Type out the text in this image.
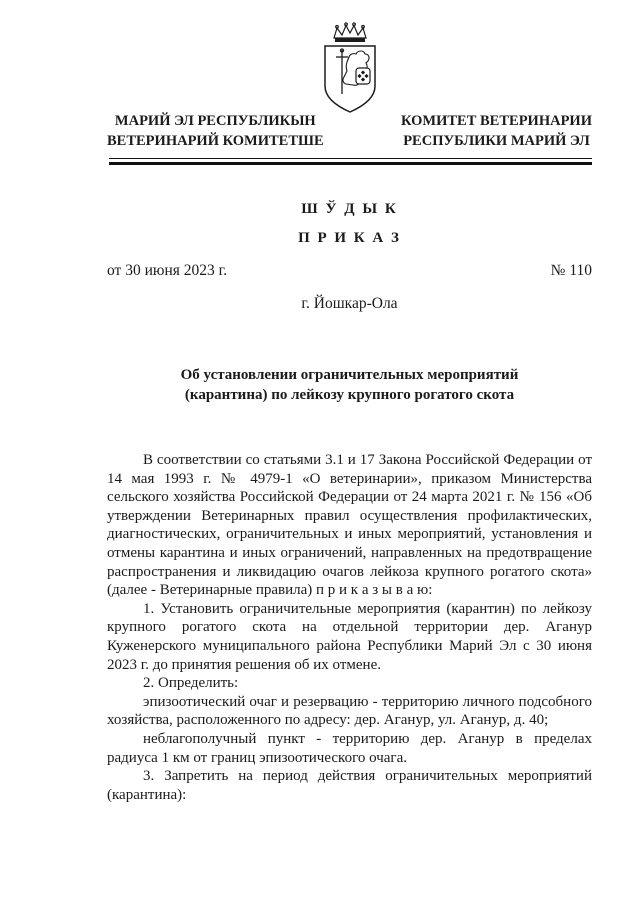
МАРИЙ ЭЛ РЕСПУБЛИКЫН
ВЕТЕРИНАРИЙ КОМИТЕТШЕ
КОМИТЕТ ВЕТЕРИНАРИИ
РЕСПУБЛИКИ МАРИЙ ЭЛ
Ш Ў Д Ы К
П Р И К А З
от 30 июня 2023 г.	№ 110
г. Йошкар-Ола
Об установлении ограничительных мероприятий
(карантина) по лейкозу крупного рогатого скота

В соответствии со статьями 3.1 и 17 Закона Российской Федерации от 14 мая 1993 г. № 4979-1 «О ветеринарии», приказом Министерства сельского хозяйства Российской Федерации от 24 марта 2021 г. № 156 «Об утверждении Ветеринарных правил осуществления профилактических, диагностических, ограничительных и иных мероприятий, установления и отмены карантина и иных ограничений, направленных на предотвращение распространения и ликвидацию очагов лейкоза крупного рогатого скота» (далее - Ветеринарные правила) п р и к а з ы в а ю:

1. Установить ограничительные мероприятия (карантин) по лейкозу крупного рогатого скота на отдельной территории дер. Аганур Куженерского муниципального района Республики Марий Эл с 30 июня 2023 г. до принятия решения об их отмене.

2. Определить:

эпизоотический очаг и резервацию - территорию личного подсобного хозяйства, расположенного по адресу: дер. Аганур, ул. Аганур, д. 40;

неблагополучный пункт - территорию дер. Аганур в пределах радиуса 1 км от границ эпизоотического очага.

3. Запретить на период действия ограничительных мероприятий (карантина):
